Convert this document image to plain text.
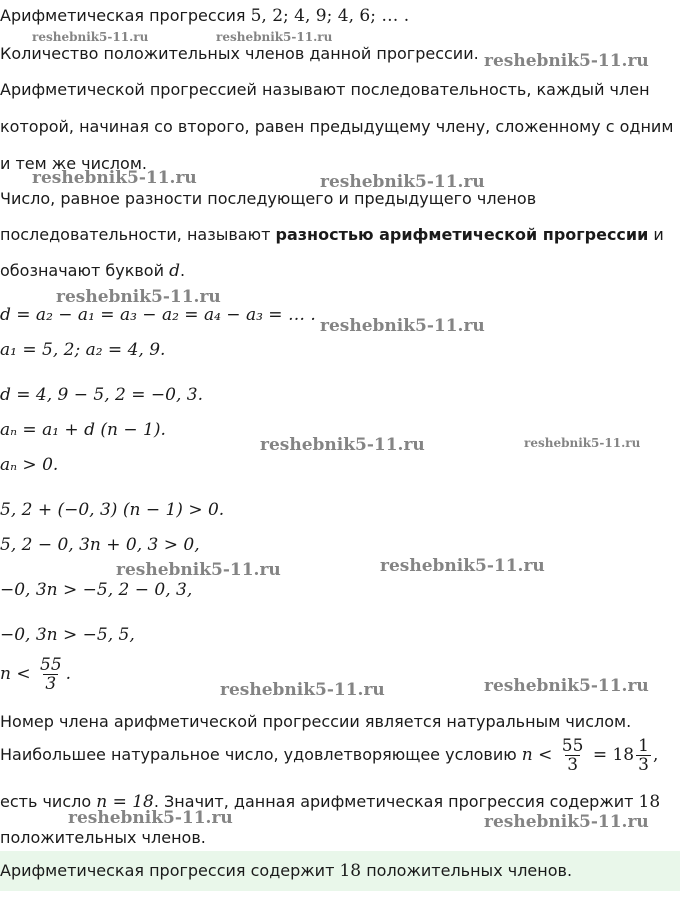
Арифметическая прогрессия 5, 2; 4, 9; 4, 6; … .
Количество положительных членов данной прогрессии.
Арифметической прогрессией называют последовательность, каждый член
которой, начиная со второго, равен предыдущему члену, сложенному с одним
и тем же числом.
Число, равное разности последующего и предыдущего членов
последовательности, называют разностью арифметической прогрессии и
обозначают буквой d.
d = a₂ − a₁ = a₃ − a₂ = a₄ − a₃ = … .
a₁ = 5, 2; a₂ = 4, 9.
d = 4, 9 − 5, 2 = −0, 3.
aₙ = a₁ + d (n − 1).
aₙ > 0.
5, 2 + (−0, 3) (n − 1) > 0.
5, 2 − 0, 3n + 0, 3 > 0,
−0, 3n > −5, 2 − 0, 3,
−0, 3n > −5, 5,
$n < \frac{55}{3}$ .
Номер члена арифметической прогрессии является натуральным числом.
Наибольшее натуральное число, удовлетворяющее условию $n < \frac{55}{3} = 18 \frac{1}{3}$ ,
есть число n = 18. Значит, данная арифметическая прогрессия содержит 18
положительных членов.
Арифметическая прогрессия содержит 18 положительных членов.
reshebnik5-11.ru	reshebnik5-11.ru
reshebnik5-11.ru
reshebnik5-11.ru	reshebnik5-11.ru
reshebnik5-11.ru
reshebnik5-11.ru
reshebnik5-11.ru	reshebnik5-11.ru
reshebnik5-11.ru	reshebnik5-11.ru
reshebnik5-11.ru	reshebnik5-11.ru
reshebnik5-11.ru	reshebnik5-11.ru
